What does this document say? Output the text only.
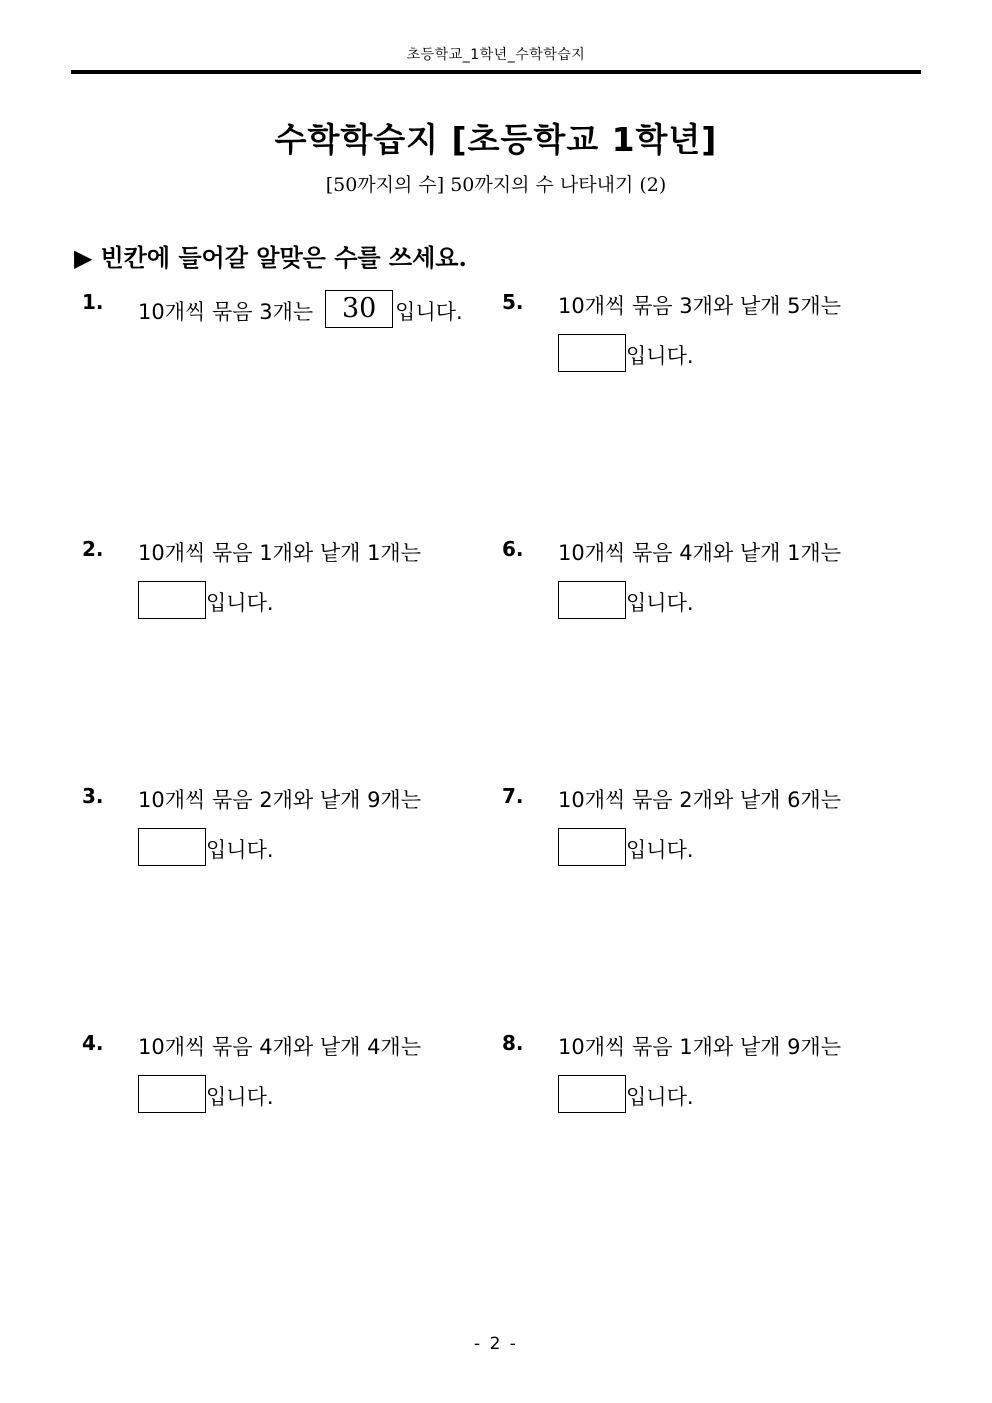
초등학교_1학년_수학학습지
수학학습지 [초등학교 1학년]
[50까지의 수] 50까지의 수 나타내기 (2)
▶ 빈칸에 들어갈 알맞은 수를 쓰세요.
1. 10개씩 묶음 3개는	30 입니다.
2. 10개씩 묶음 1개와 낱개 1개는
입니다.
3. 10개씩 묶음 2개와 낱개 9개는
입니다.
4. 10개씩 묶음 4개와 낱개 4개는
입니다.
5. 10개씩 묶음 3개와 낱개 5개는
입니다.
6. 10개씩 묶음 4개와 낱개 1개는
입니다.
7. 10개씩 묶음 2개와 낱개 6개는
입니다.
8. 10개씩 묶음 1개와 낱개 9개는
입니다.
- 2 -
